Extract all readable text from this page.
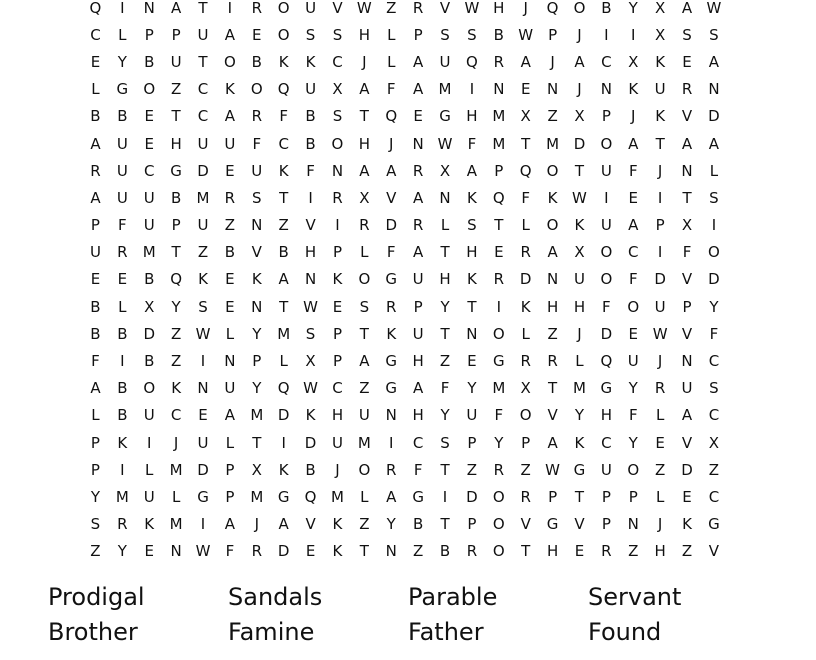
Q	I	N	A	T	I	R	O	U	V W Z	R	V W H	J	Q	O	B	Y	X	A W
C	L	P	P	U	A	E	O	S	S	H	L	P	S	S	B W P	J	I	I	X	S	S
E	Y	B	U	T	O	B	K	K	C	J	L	A	U	Q	R	A	J	A	C	X	K	E	A
L	G	O	Z	C	K	O	Q	U	X	A	F	A	M	I	N	E	N	J	N	K	U	R	N
B	B	E	T	C	A	R	F	B	S	T	Q	E	G	H M	X	Z	X	P	J	K	V	D
A	U	E	H	U	U	F	C	B	O	H	J	N W	F	M	T	M D	O	A	T	A	A
R	U	C	G	D	E	U	K	F	N	A	A	R	X	A	P	Q	O	T	U	F	J	N	L
A	U	U	B	M	R	S	T	I	R	X	V	A	N	K	Q	F	K W	I	E	I	T	S
P	F	U	P	U	Z	N	Z	V	I	R	D	R	L	S	T	L	O	K	U	A	P	X	I
U	R	M	T	Z	B	V	B	H	P	L	F	A	T	H	E	R	A	X	O	C	I	F	O
E	E	B	Q	K	E	K	A	N	K	O	G	U	H	K	R	D	N	U	O	F	D	V	D
B	L	X	Y	S	E	N	T W E	S	R	P	Y	T	I	K	H	H	F	O	U	P	Y
B	B	D	Z W	L	Y	M	S	P	T	K	U	T	N	O	L	Z	J	D	E W V	F
F	I	B	Z	I	N	P	L	X	P	A	G	H	Z	E	G	R	R	L	Q	U	J	N	C
A	B	O	K	N	U	Y	Q W C	Z	G	A	F	Y	M	X	T	M G	Y	R	U	S
L	B	U	C	E	A	M D	K	H	U	N	H	Y	U	F	O	V	Y	H	F	L	A	C
P	K	I	J	U	L	T	I	D	U M	I	C	S	P	Y	P	A	K	C	Y	E	V	X
P	I	L	M D	P	X	K	B	J	O	R	F	T	Z	R	Z W G	U	O	Z	D	Z
Y	M U	L	G	P	M G	Q M	L	A	G	I	D	O	R	P	T	P	P	L	E	C
S	R	K	M	I	A	J	A	V	K	Z	Y	B	T	P	O	V	G	V	P	N	J	K	G
Z	Y	E	N W	F	R	D	E	K	T	N	Z	B	R	O	T	H	E	R	Z	H	Z	V
Prodigal	Sandals	Parable	Servant
Brother	Famine	Father	Found
